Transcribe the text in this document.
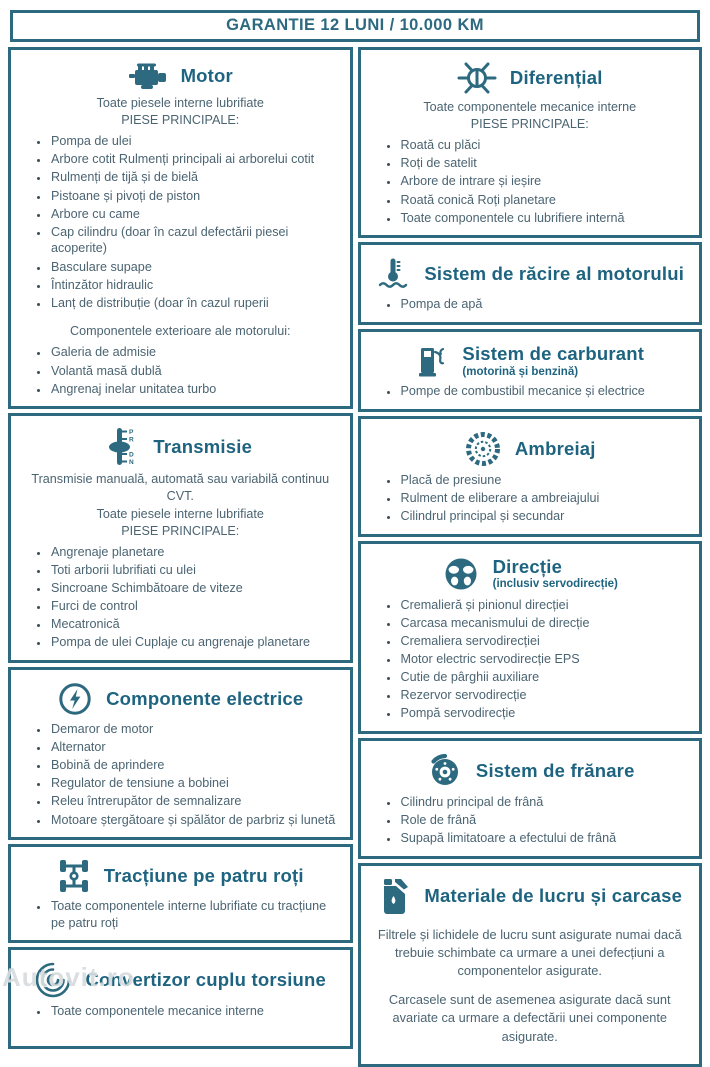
GARANTIE 12 LUNI / 10.000 KM
Motor
Toate piesele interne lubrifiate
PIESE PRINCIPALE:
• Pompa de ulei
• Arbore cotit Rulmenți principali ai arborelui cotit
• Rulmenți de tijă și de bielă
• Pistoane și pivoți de piston
• Arbore cu came
• Cap cilindru (doar în cazul defectării piesei acoperite)
• Basculare supape
• Întinzător hidraulic
• Lanț de distribuție (doar în cazul ruperii
Componentele exterioare ale motorului:
• Galeria de admisie
• Volantă masă dublă
• Angrenaj inelar unitatea turbo
P
R
D
N
Transmisie
Transmisie manuală, automată sau variabilă continuu CVT.
Toate piesele interne lubrifiate
PIESE PRINCIPALE:
• Angrenaje planetare
• Toti arborii lubrifiati cu ulei
• Sincroane Schimbătoare de viteze
• Furci de control
• Mecatronică
• Pompa de ulei Cuplaje cu angrenaje planetare
Componente electrice
• Demaror de motor
• Alternator
• Bobină de aprindere
• Regulator de tensiune a bobinei
• Releu întrerupător de semnalizare
• Motoare ștergătoare și spălător de parbriz și lunetă
Tracțiune pe patru roți
• Toate componentele interne lubrifiate cu tracțiune pe patru roți
Convertizor cuplu torsiune
• Toate componentele mecanice interne
Diferențial
Toate componentele mecanice interne
PIESE PRINCIPALE:
• Roată cu plăci
• Roți de satelit
• Arbore de intrare și ieșire
• Roată conică Roți planetare
• Toate componentele cu lubrifiere internă
Sistem de răcire al motorului
• Pompa de apă
Sistem de carburant
(motorină și benzină)
• Pompe de combustibil mecanice și electrice
Ambreiaj
• Placă de presiune
• Rulment de eliberare a ambreiajului
• Cilindrul principal și secundar
Direcție
(inclusiv servodirecție)
• Cremalieră și pinionul direcției
• Carcasa mecanismului de direcție
• Cremaliera servodirecției
• Motor electric servodirecție EPS
• Cutie de pârghii auxiliare
• Rezervor servodirecție
• Pompă servodirecție
Sistem de frănare
• Cilindru principal de frână
• Role de frână
• Supapă limitatoare a efectului de frână
Materiale de lucru și carcase

Filtrele și lichidele de lucru sunt asigurate numai dacă trebuie schimbate ca urmare a unei defecțiuni a componentelor asigurate.

Carcasele sunt de asemenea asigurate dacă sunt avariate ca urmare a defectării unei componente asigurate.

Autovit.ro
